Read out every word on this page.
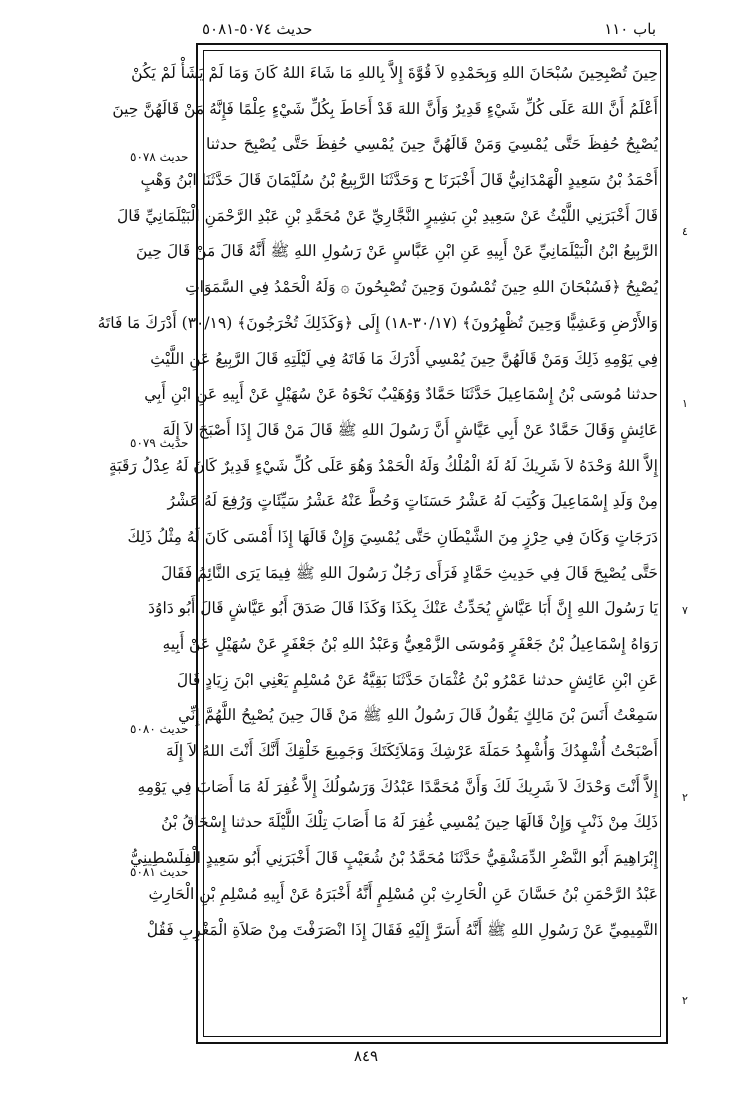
باب ١١٠
حديث ٥٠٧٤-٥٠٨١
حِينَ تُصْبِحِينَ سُبْحَانَ اللهِ وَبِحَمْدِهِ لاَ قُوَّةَ إِلاَّ بِاللهِ مَا شَاءَ اللهُ كَانَ وَمَا لَمْ يَشَأْ لَمْ يَكُنْ
أَعْلَمُ أَنَّ اللهَ عَلَى كُلِّ شَيْءٍ قَدِيرٌ وَأَنَّ اللهَ قَدْ أَحَاطَ بِكُلِّ شَيْءٍ عِلْمًا فَإِنَّهُ مَنْ قَالَهُنَّ حِينَ
يُصْبِحُ حُفِظَ حَتَّى يُمْسِيَ وَمَنْ قَالَهُنَّ حِينَ يُمْسِي حُفِظَ حَتَّى يُصْبِحَ حدثنا
أَحْمَدُ بْنُ سَعِيدٍ الْهَمْدَانِيُّ قَالَ أَخْبَرَنَا ح وَحَدَّثَنَا الرَّبِيعُ بْنُ سُلَيْمَانَ قَالَ حَدَّثَنَا ابْنُ وَهْبٍ
قَالَ أَخْبَرَنِي اللَّيْثُ عَنْ سَعِيدِ بْنِ بَشِيرٍ النَّجَّارِيِّ عَنْ مُحَمَّدِ بْنِ عَبْدِ الرَّحْمَنِ الْبَيْلَمَانِيِّ قَالَ
الرَّبِيعُ ابْنُ الْبَيْلَمَانِيِّ عَنْ أَبِيهِ عَنِ ابْنِ عَبَّاسٍ عَنْ رَسُولِ اللهِ ﷺ أَنَّهُ قَالَ مَنْ قَالَ حِينَ
يُصْبِحُ ﴿فَسُبْحَانَ اللهِ حِينَ تُمْسُونَ وَحِينَ تُصْبِحُونَ ۞ وَلَهُ الْحَمْدُ فِي السَّمَوَاتِ
وَالأَرْضِ وَعَشِيًّا وَحِينَ تُظْهِرُونَ﴾ (٣٠/١٧-١٨) إِلَى ﴿وَكَذَلِكَ تُخْرَجُونَ﴾ (٣٠/١٩) أَدْرَكَ مَا فَاتَهُ
فِي يَوْمِهِ ذَلِكَ وَمَنْ قَالَهُنَّ حِينَ يُمْسِي أَدْرَكَ مَا فَاتَهُ فِي لَيْلَتِهِ قَالَ الرَّبِيعُ عَنِ اللَّيْثِ
حدثنا مُوسَى بْنُ إِسْمَاعِيلَ حَدَّثَنَا حَمَّادٌ وَوُهَيْبٌ نَحْوَهُ عَنْ سُهَيْلٍ عَنْ أَبِيهِ عَنِ ابْنِ أَبِي
عَائِشٍ وَقَالَ حَمَّادٌ عَنْ أَبِي عَيَّاشٍ أَنَّ رَسُولَ اللهِ ﷺ قَالَ مَنْ قَالَ إِذَا أَصْبَحَ لاَ إِلَهَ
إِلاَّ اللهُ وَحْدَهُ لاَ شَرِيكَ لَهُ لَهُ الْمُلْكُ وَلَهُ الْحَمْدُ وَهُوَ عَلَى كُلِّ شَيْءٍ قَدِيرٌ كَانَ لَهُ عِدْلُ رَقَبَةٍ
مِنْ وَلَدِ إِسْمَاعِيلَ وَكُتِبَ لَهُ عَشْرُ حَسَنَاتٍ وَحُطَّ عَنْهُ عَشْرُ سَيِّئَاتٍ وَرُفِعَ لَهُ عَشْرُ
دَرَجَاتٍ وَكَانَ فِي حِرْزٍ مِنَ الشَّيْطَانِ حَتَّى يُمْسِيَ وَإِنْ قَالَهَا إِذَا أَمْسَى كَانَ لَهُ مِثْلُ ذَلِكَ
حَتَّى يُصْبِحَ قَالَ فِي حَدِيثِ حَمَّادٍ فَرَأَى رَجُلٌ رَسُولَ اللهِ ﷺ فِيمَا يَرَى النَّائِمُ فَقَالَ
يَا رَسُولَ اللهِ إِنَّ أَبَا عَيَّاشٍ يُحَدِّثُ عَنْكَ بِكَذَا وَكَذَا قَالَ صَدَقَ أَبُو عَيَّاشٍ قَالَ أَبُو دَاوُدَ
رَوَاهُ إِسْمَاعِيلُ بْنُ جَعْفَرٍ وَمُوسَى الزَّمْعِيُّ وَعَبْدُ اللهِ بْنُ جَعْفَرٍ عَنْ سُهَيْلٍ عَنْ أَبِيهِ
عَنِ ابْنِ عَائِشٍ حدثنا عَمْرُو بْنُ عُثْمَانَ حَدَّثَنَا بَقِيَّةُ عَنْ مُسْلِمٍ يَعْنِي ابْنَ زِيَادٍ قَالَ
سَمِعْتُ أَنَسَ بْنَ مَالِكٍ يَقُولُ قَالَ رَسُولُ اللهِ ﷺ مَنْ قَالَ حِينَ يُصْبِحُ اللَّهُمَّ إِنِّي
أَصْبَحْتُ أُشْهِدُكَ وَأُشْهِدُ حَمَلَةَ عَرْشِكَ وَمَلاَئِكَتَكَ وَجَمِيعَ خَلْقِكَ أَنَّكَ أَنْتَ اللهُ لاَ إِلَهَ
إِلاَّ أَنْتَ وَحْدَكَ لاَ شَرِيكَ لَكَ وَأَنَّ مُحَمَّدًا عَبْدُكَ وَرَسُولُكَ إِلاَّ غُفِرَ لَهُ مَا أَصَابَ فِي يَوْمِهِ
ذَلِكَ مِنْ ذَنْبٍ وَإِنْ قَالَهَا حِينَ يُمْسِي غُفِرَ لَهُ مَا أَصَابَ تِلْكَ اللَّيْلَةَ حدثنا إِسْحَاقُ بْنُ
إِبْرَاهِيمَ أَبُو النَّضْرِ الدِّمَشْقِيُّ حَدَّثَنَا مُحَمَّدُ بْنُ شُعَيْبٍ قَالَ أَخْبَرَنِي أَبُو سَعِيدٍ الْفِلَسْطِينِيُّ
عَبْدُ الرَّحْمَنِ بْنُ حَسَّانَ عَنِ الْحَارِثِ بْنِ مُسْلِمٍ أَنَّهُ أَخْبَرَهُ عَنْ أَبِيهِ مُسْلِمِ بْنِ الْحَارِثِ
التَّمِيمِيِّ عَنْ رَسُولِ اللهِ ﷺ أَنَّهُ أَسَرَّ إِلَيْهِ فَقَالَ إِذَا انْصَرَفْتَ مِنْ صَلاَةِ الْمَغْرِبِ فَقُلْ
حديث ٥٠٧٨
حديث ٥٠٧٩
حديث ٥٠٨٠
حديث ٥٠٨١
٤
١
٧
٢
٢
٨٤٩
